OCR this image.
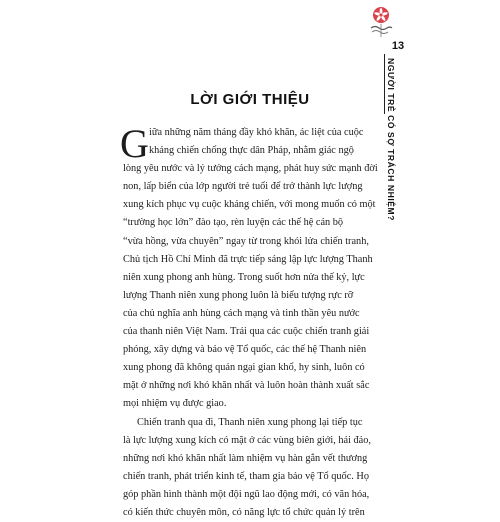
13
NGƯỜI TRẺ CÓ SỢ TRÁCH NHIỆM?
LỜI GIỚI THIỆU
G iữa những năm tháng đầy khó khăn, ác liệt của cuộc
kháng chiến chống thực dân Pháp, nhằm giác ngộ
lòng yêu nước và lý tưởng cách mạng, phát huy sức mạnh đời
non, lấp biển của lớp người trẻ tuổi để trở thành lực lượng
xung kích phục vụ cuộc kháng chiến, với mong muốn có một
“trường học lớn” đào tạo, rèn luyện các thế hệ cán bộ
“vừa hồng, vừa chuyên” ngay từ trong khói lửa chiến tranh,
Chủ tịch Hồ Chí Minh đã trực tiếp sáng lập lực lượng Thanh
niên xung phong anh hùng. Trong suốt hơn nửa thế kỷ, lực
lượng Thanh niên xung phong luôn là biểu tượng rực rỡ
của chủ nghĩa anh hùng cách mạng và tinh thần yêu nước
của thanh niên Việt Nam. Trải qua các cuộc chiến tranh giải
phóng, xây dựng và bảo vệ Tổ quốc, các thế hệ Thanh niên
xung phong đã không quản ngại gian khổ, hy sinh, luôn có
mặt ở những nơi khó khăn nhất và luôn hoàn thành xuất sắc
mọi nhiệm vụ được giao.
Chiến tranh qua đi, Thanh niên xung phong lại tiếp tục
là lực lượng xung kích có mặt ở các vùng biên giới, hải đảo,
những nơi khó khăn nhất làm nhiệm vụ hàn gắn vết thương
chiến tranh, phát triển kinh tế, tham gia bảo vệ Tổ quốc. Họ
góp phần hình thành một đội ngũ lao động mới, có văn hóa,
có kiến thức chuyên môn, có năng lực tổ chức quản lý trên
